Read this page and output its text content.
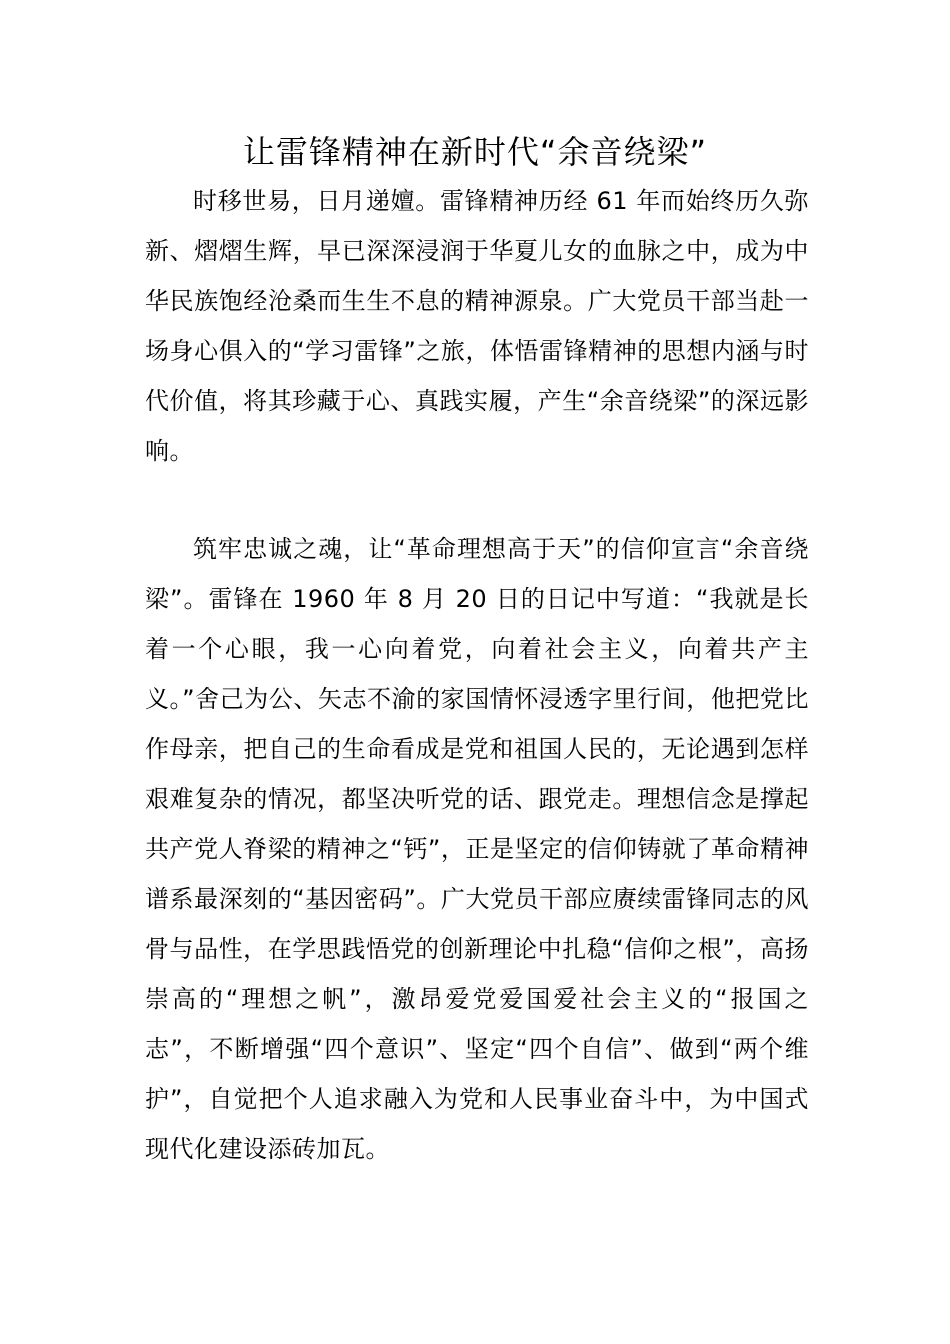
让雷锋精神在新时代“余音绕梁”

时移世易，日月递嬗。雷锋精神历经 61 年而始终历久弥新、熠熠生辉，早已深深浸润于华夏儿女的血脉之中，成为中华民族饱经沧桑而生生不息的精神源泉。广大党员干部当赴一场身心俱入的“学习雷锋”之旅，体悟雷锋精神的思想内涵与时代价值，将其珍藏于心、真践实履，产生“余音绕梁”的深远影响。

筑牢忠诚之魂，让“革命理想高于天”的信仰宣言“余音绕梁”。雷锋在 1960 年 8 月 20 日的日记中写道：“我就是长着一个心眼，我一心向着党，向着社会主义，向着共产主义。”舍己为公、矢志不渝的家国情怀浸透字里行间，他把党比作母亲，把自己的生命看成是党和祖国人民的，无论遇到怎样艰难复杂的情况，都坚决听党的话、跟党走。理想信念是撑起共产党人脊梁的精神之“钙”，正是坚定的信仰铸就了革命精神谱系最深刻的“基因密码”。广大党员干部应赓续雷锋同志的风骨与品性，在学思践悟党的创新理论中扎稳“信仰之根”，高扬崇高的“理想之帆”，激昂爱党爱国爱社会主义的“报国之志”，不断增强“四个意识”、坚定“四个自信”、做到“两个维护”，自觉把个人追求融入为党和人民事业奋斗中，为中国式现代化建设添砖加瓦。
